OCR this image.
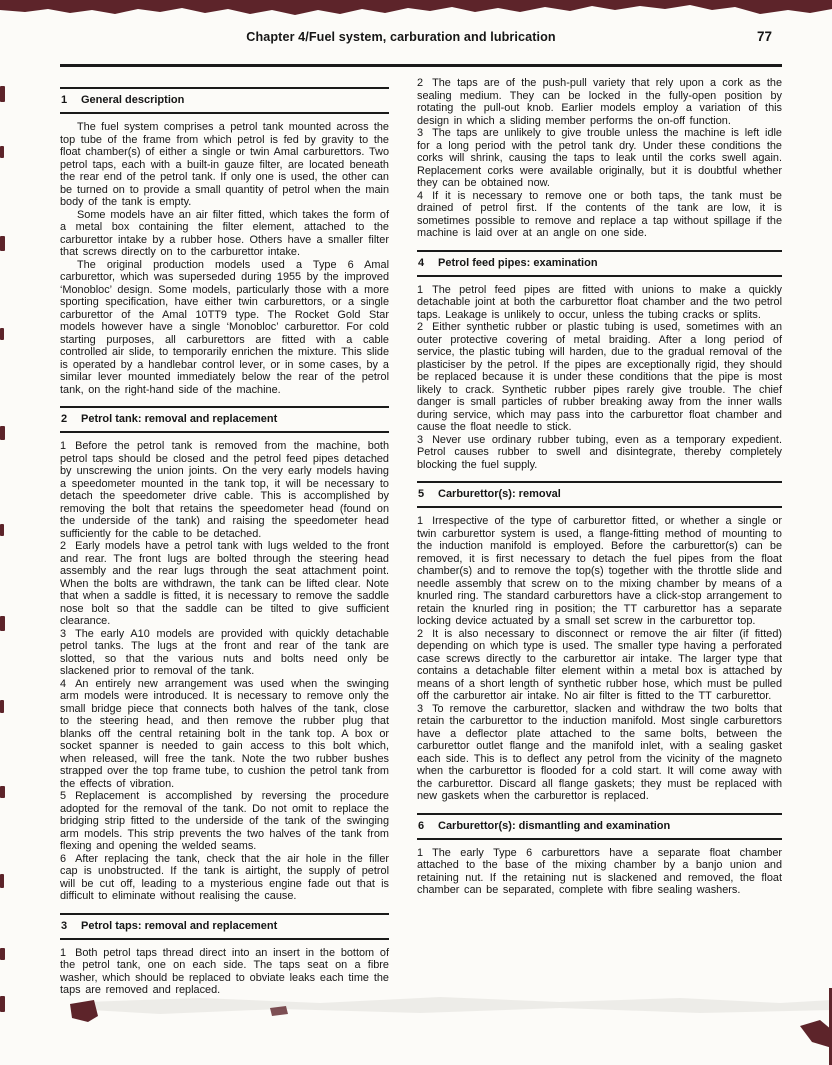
Chapter 4/Fuel system, carburation and lubrication	77
1	General description
The fuel system comprises a petrol tank mounted across the top tube of the frame from which petrol is fed by gravity to the float chamber(s) of either a single or twin Amal carburettors. Two petrol taps, each with a built-in gauze filter, are located beneath the rear end of the petrol tank. If only one is used, the other can be turned on to provide a small quantity of petrol when the main body of the tank is empty.
Some models have an air filter fitted, which takes the form of a metal box containing the filter element, attached to the carburettor intake by a rubber hose. Others have a smaller filter that screws directly on to the carburettor intake.
The original production models used a Type 6 Amal carburettor, which was superseded during 1955 by the improved ‘Monobloc’ design. Some models, particularly those with a more sporting specification, have either twin carburettors, or a single carburettor of the Amal 10TT9 type. The Rocket Gold Star models however have a single ‘Monobloc’ carburettor. For cold starting purposes, all carburettors are fitted with a cable controlled air slide, to temporarily enrichen the mixture. This slide is operated by a handlebar control lever, or in some cases, by a similar lever mounted immediately below the rear of the petrol tank, on the right-hand side of the machine.
2	Petrol tank: removal and replacement
1 Before the petrol tank is removed from the machine, both petrol taps should be closed and the petrol feed pipes detached by unscrewing the union joints. On the very early models having a speedometer mounted in the tank top, it will be necessary to detach the speedometer drive cable. This is accomplished by removing the bolt that retains the speedometer head (found on the underside of the tank) and raising the speedometer head sufficiently for the cable to be detached.
2 Early models have a petrol tank with lugs welded to the front and rear. The front lugs are bolted through the steering head assembly and the rear lugs through the seat attachment point. When the bolts are withdrawn, the tank can be lifted clear. Note that when a saddle is fitted, it is necessary to remove the saddle nose bolt so that the saddle can be tilted to give sufficient clearance.
3 The early A10 models are provided with quickly detachable petrol tanks. The lugs at the front and rear of the tank are slotted, so that the various nuts and bolts need only be slackened prior to removal of the tank.
4 An entirely new arrangement was used when the swinging arm models were introduced. It is necessary to remove only the small bridge piece that connects both halves of the tank, close to the steering head, and then remove the rubber plug that blanks off the central retaining bolt in the tank top. A box or socket spanner is needed to gain access to this bolt which, when released, will free the tank. Note the two rubber bushes strapped over the top frame tube, to cushion the petrol tank from the effects of vibration.
5 Replacement is accomplished by reversing the procedure adopted for the removal of the tank. Do not omit to replace the bridging strip fitted to the underside of the tank of the swinging arm models. This strip prevents the two halves of the tank from flexing and opening the welded seams.
6 After replacing the tank, check that the air hole in the filler cap is unobstructed. If the tank is airtight, the supply of petrol will be cut off, leading to a mysterious engine fade out that is difficult to eliminate without realising the cause.
3	Petrol taps: removal and replacement
1 Both petrol taps thread direct into an insert in the bottom of the petrol tank, one on each side. The taps seat on a fibre washer, which should be replaced to obviate leaks each time the taps are removed and replaced.
2 The taps are of the push-pull variety that rely upon a cork as the sealing medium. They can be locked in the fully-open position by rotating the pull-out knob. Earlier models employ a variation of this design in which a sliding member performs the on-off function.
3 The taps are unlikely to give trouble unless the machine is left idle for a long period with the petrol tank dry. Under these conditions the corks will shrink, causing the taps to leak until the corks swell again. Replacement corks were available originally, but it is doubtful whether they can be obtained now.
4 If it is necessary to remove one or both taps, the tank must be drained of petrol first. If the contents of the tank are low, it is sometimes possible to remove and replace a tap without spillage if the machine is laid over at an angle on one side.
4	Petrol feed pipes: examination
1 The petrol feed pipes are fitted with unions to make a quickly detachable joint at both the carburettor float chamber and the two petrol taps. Leakage is unlikely to occur, unless the tubing cracks or splits.
2 Either synthetic rubber or plastic tubing is used, sometimes with an outer protective covering of metal braiding. After a long period of service, the plastic tubing will harden, due to the gradual removal of the plasticiser by the petrol. If the pipes are exceptionally rigid, they should be replaced because it is under these conditions that the pipe is most likely to crack. Synthetic rubber pipes rarely give trouble. The chief danger is small particles of rubber breaking away from the inner walls during service, which may pass into the carburettor float chamber and cause the float needle to stick.
3 Never use ordinary rubber tubing, even as a temporary expedient. Petrol causes rubber to swell and disintegrate, thereby completely blocking the fuel supply.
5	Carburettor(s): removal
1 Irrespective of the type of carburettor fitted, or whether a single or twin carburettor system is used, a flange-fitting method of mounting to the induction manifold is employed. Before the carburettor(s) can be removed, it is first necessary to detach the fuel pipes from the float chamber(s) and to remove the top(s) together with the throttle slide and needle assembly that screw on to the mixing chamber by means of a knurled ring. The standard carburettors have a click-stop arrangement to retain the knurled ring in position; the TT carburettor has a separate locking device actuated by a small set screw in the carburettor top.
2 It is also necessary to disconnect or remove the air filter (if fitted) depending on which type is used. The smaller type having a perforated case screws directly to the carburettor air intake. The larger type that contains a detachable filter element within a metal box is attached by means of a short length of synthetic rubber hose, which must be pulled off the carburettor air intake. No air filter is fitted to the TT carburettor.
3 To remove the carburettor, slacken and withdraw the two bolts that retain the carburettor to the induction manifold. Most single carburettors have a deflector plate attached to the same bolts, between the carburettor outlet flange and the manifold inlet, with a sealing gasket each side. This is to deflect any petrol from the vicinity of the magneto when the carburettor is flooded for a cold start. It will come away with the carburettor. Discard all flange gaskets; they must be replaced with new gaskets when the carburettor is replaced.
6	Carburettor(s): dismantling and examination
1 The early Type 6 carburettors have a separate float chamber attached to the base of the mixing chamber by a banjo union and retaining nut. If the retaining nut is slackened and removed, the float chamber can be separated, complete with fibre sealing washers.
